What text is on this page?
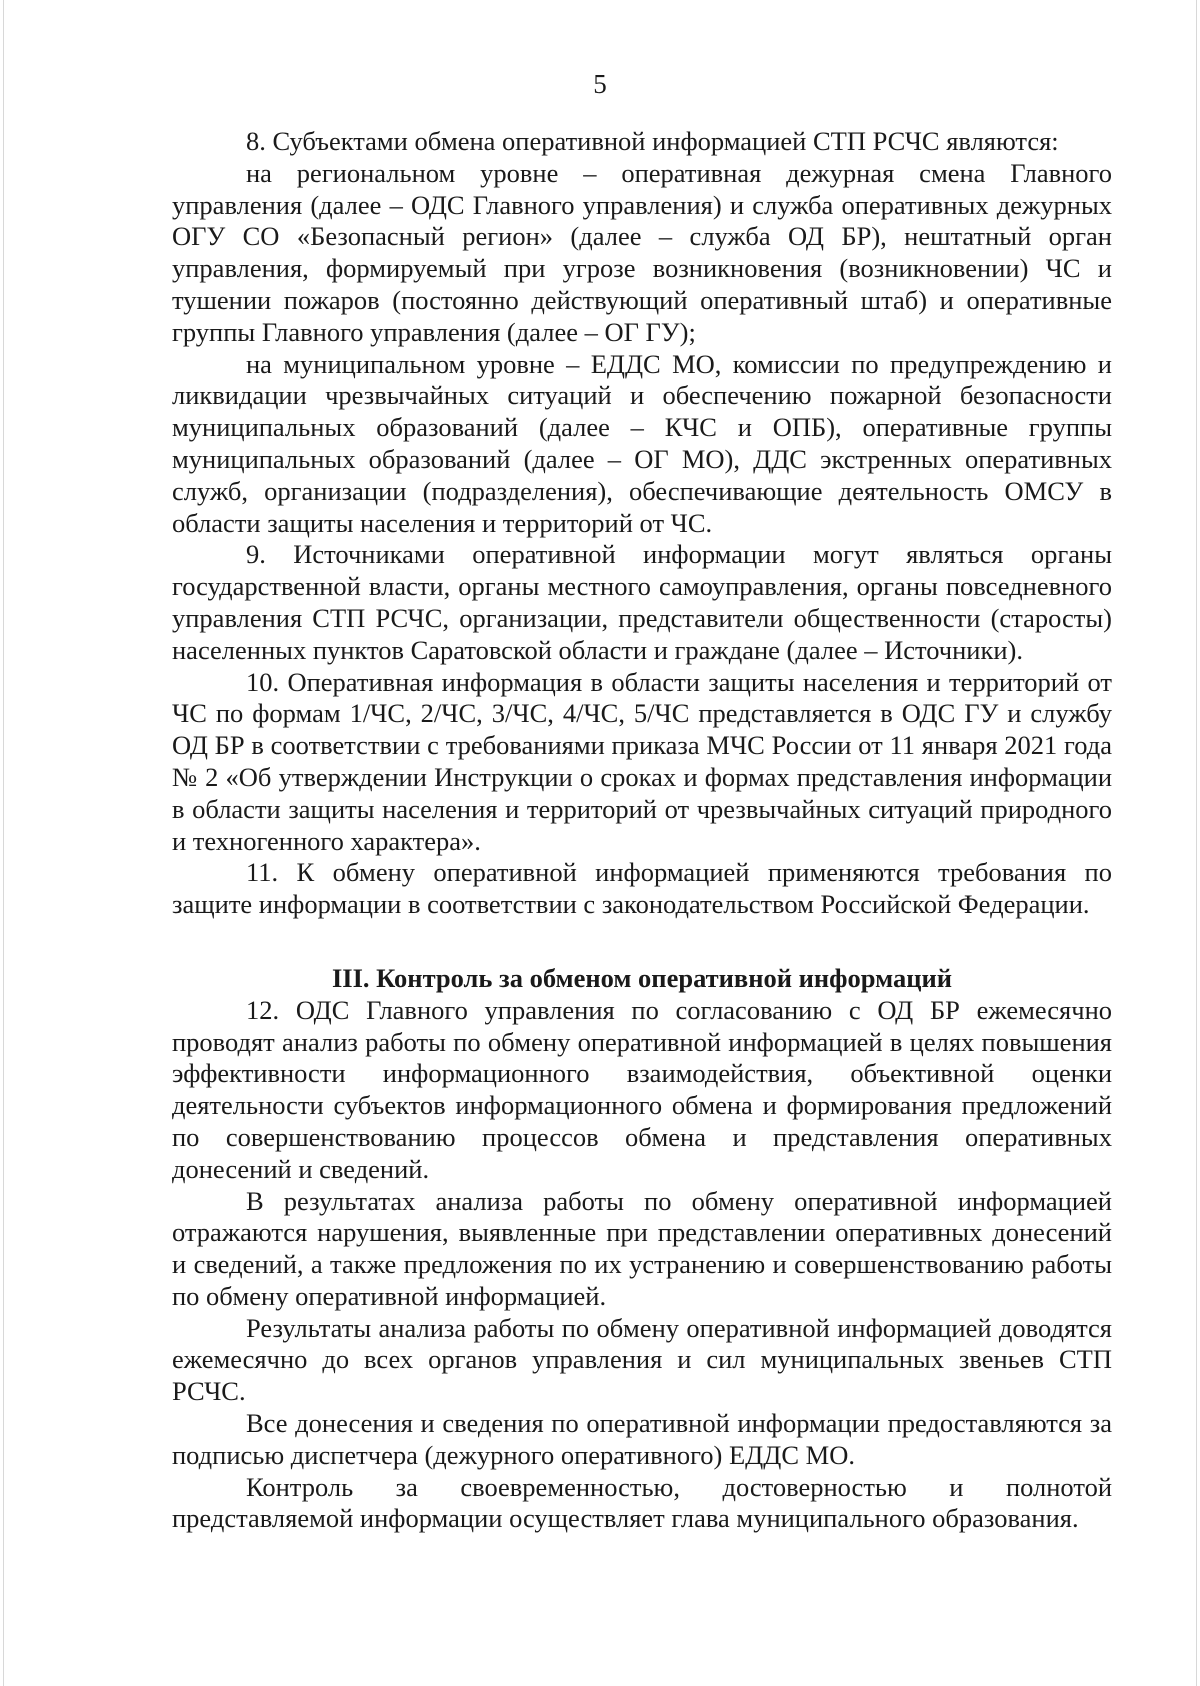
5

8. Субъектами обмена оперативной информацией СТП РСЧС являются:

на региональном уровне – оперативная дежурная смена Главного управления (далее – ОДС Главного управления) и служба оперативных дежурных ОГУ СО «Безопасный регион» (далее – служба ОД БР), нештатный орган управления, формируемый при угрозе возникновения (возникновении) ЧС и тушении пожаров (постоянно действующий оперативный штаб) и оперативные группы Главного управления (далее – ОГ ГУ);

на муниципальном уровне – ЕДДС МО, комиссии по предупреждению и ликвидации чрезвычайных ситуаций и обеспечению пожарной безопасности муниципальных образований (далее – КЧС и ОПБ), оперативные группы муниципальных образований (далее – ОГ МО), ДДС экстренных оперативных служб, организации (подразделения), обеспечивающие деятельность ОМСУ в области защиты населения и территорий от ЧС.

9. Источниками оперативной информации могут являться органы государственной власти, органы местного самоуправления, органы повседневного управления СТП РСЧС, организации, представители общественности (старосты) населенных пунктов Саратовской области и граждане (далее – Источники).

10. Оперативная информация в области защиты населения и территорий от ЧС по формам 1/ЧС, 2/ЧС, 3/ЧС, 4/ЧС, 5/ЧС представляется в ОДС ГУ и службу ОД БР в соответствии с требованиями приказа МЧС России от 11 января 2021 года № 2 «Об утверждении Инструкции о сроках и формах представления информации в области защиты населения и территорий от чрезвычайных ситуаций природного и техногенного характера».

11. К обмену оперативной информацией применяются требования по защите информации в соответствии с законодательством Российской Федерации.

III. Контроль за обменом оперативной информаций

12. ОДС Главного управления по согласованию с ОД БР ежемесячно проводят анализ работы по обмену оперативной информацией в целях повышения эффективности информационного взаимодействия, объективной оценки деятельности субъектов информационного обмена и формирования предложений по совершенствованию процессов обмена и представления оперативных донесений и сведений.

В результатах анализа работы по обмену оперативной информацией отражаются нарушения, выявленные при представлении оперативных донесений и сведений, а также предложения по их устранению и совершенствованию работы по обмену оперативной информацией.

Результаты анализа работы по обмену оперативной информацией доводятся ежемесячно до всех органов управления и сил муниципальных звеньев СТП РСЧС.

Все донесения и сведения по оперативной информации предоставляются за подписью диспетчера (дежурного оперативного) ЕДДС МО.

Контроль за своевременностью, достоверностью и полнотой представляемой информации осуществляет глава муниципального образования.
